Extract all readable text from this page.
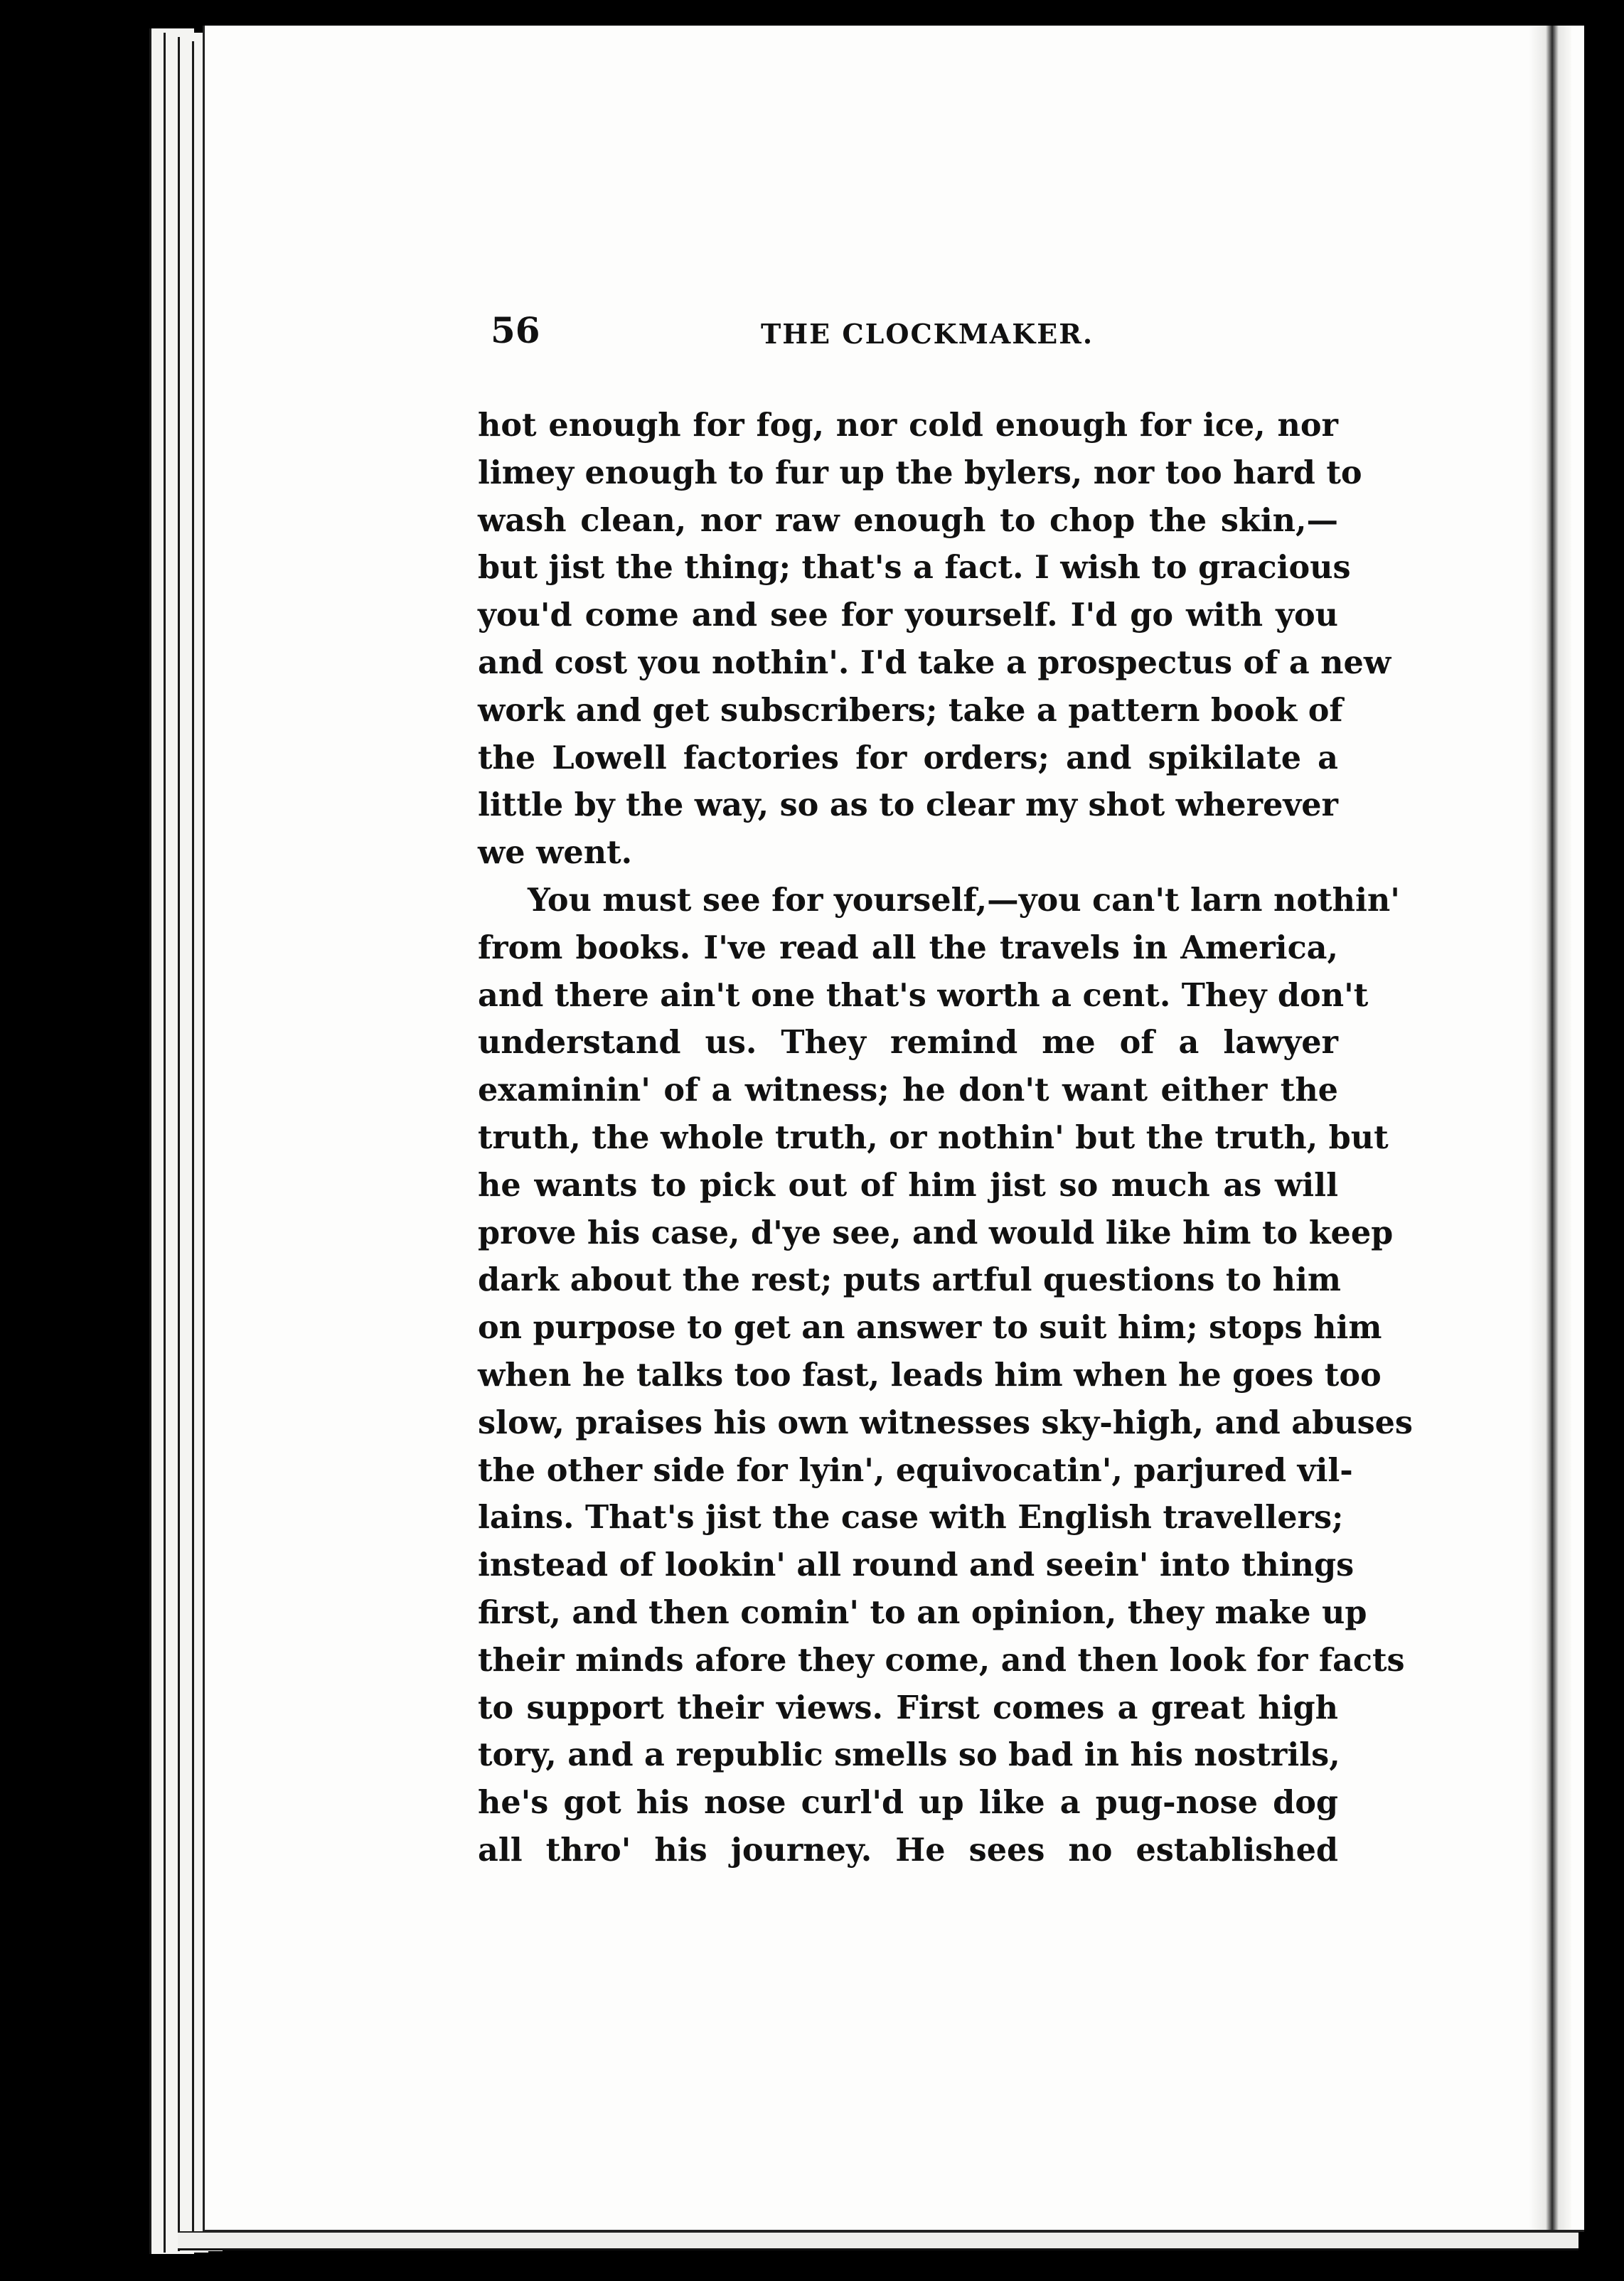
56	THE CLOCKMAKER.
hot enough for fog, nor cold enough for ice, nor
limey enough to fur up the bylers, nor too hard to
wash clean, nor raw enough to chop the skin,—
but jist the thing; that's a fact. I wish to gracious
you'd come and see for yourself. I'd go with you
and cost you nothin'. I'd take a prospectus of a new
work and get subscribers; take a pattern book of
the Lowell factories for orders; and spikilate a
little by the way, so as to clear my shot wherever
we went.
You must see for yourself,—you can't larn nothin'
from books. I've read all the travels in America,
and there ain't one that's worth a cent. They don't
understand us. They remind me of a lawyer
examinin' of a witness; he don't want either the
truth, the whole truth, or nothin' but the truth, but
he wants to pick out of him jist so much as will
prove his case, d'ye see, and would like him to keep
dark about the rest; puts artful questions to him
on purpose to get an answer to suit him; stops him
when he talks too fast, leads him when he goes too
slow, praises his own witnesses sky-high, and abuses
the other side for lyin', equivocatin', parjured vil-
lains. That's jist the case with English travellers;
instead of lookin' all round and seein' into things
first, and then comin' to an opinion, they make up
their minds afore they come, and then look for facts
to support their views. First comes a great high
tory, and a republic smells so bad in his nostrils,
he's got his nose curl'd up like a pug-nose dog
all thro' his journey. He sees no established
